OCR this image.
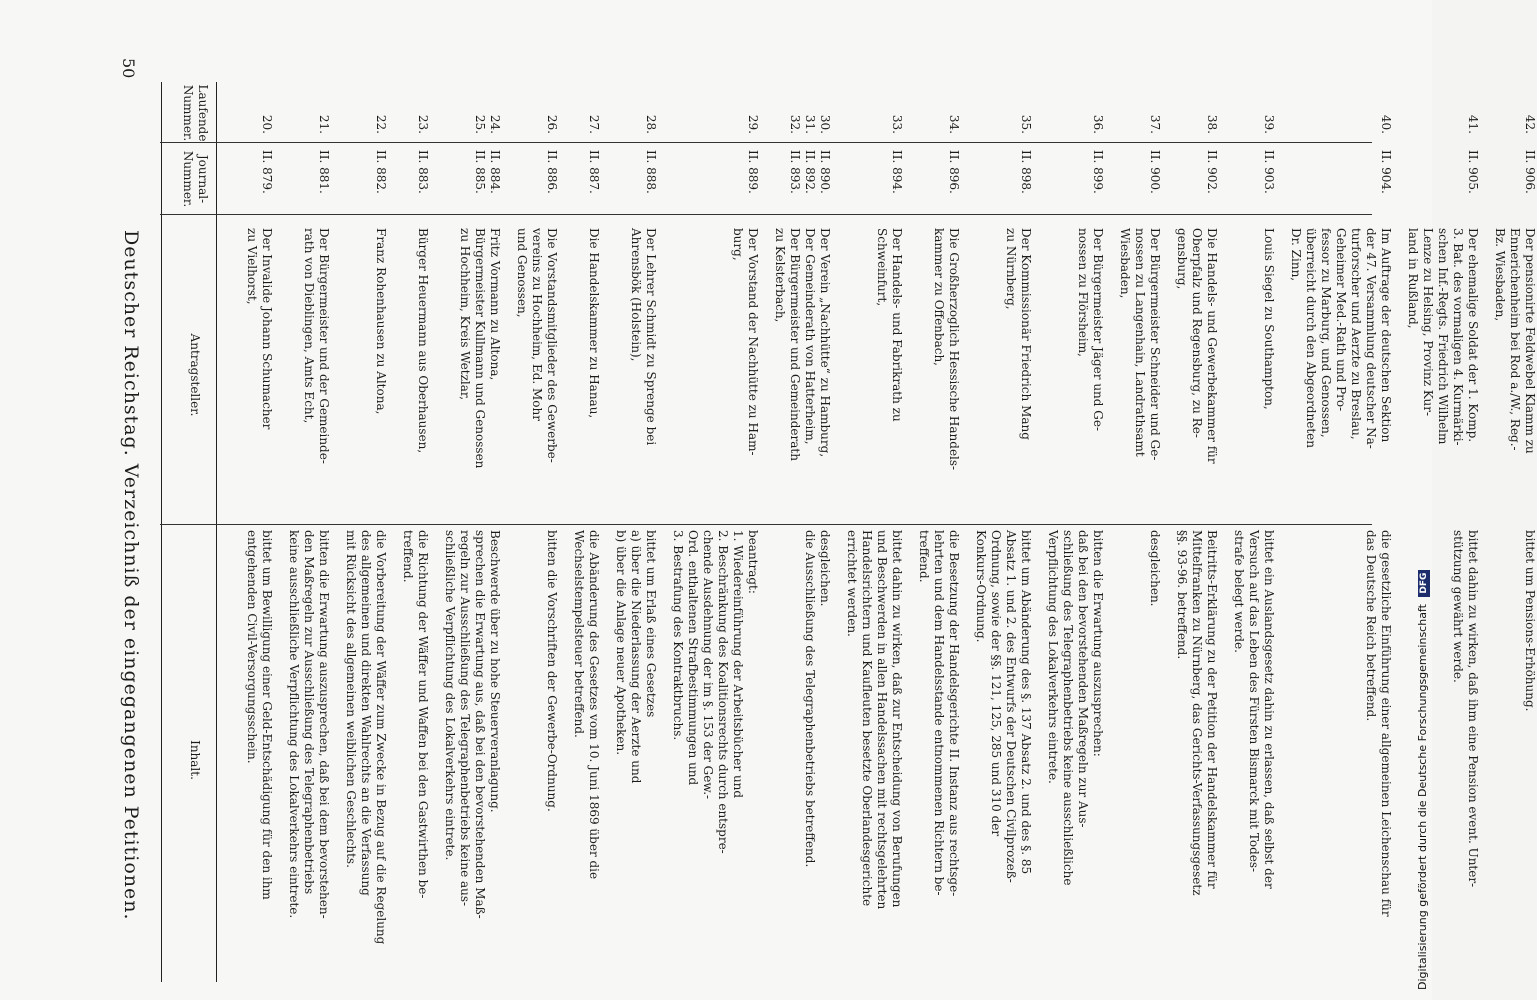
50
Deutscher Reichstag. Verzeichniß der eingegangenen Petitionen.
Laufende
Nummer.
Journal-
Nummer.
Antragsteller.
Inhalt.
20.
II. 879.
Der Invalide Johann Schumacher
zu Vielhorst,
bittet um Bewilligung einer Geld-Entschädigung für den ihm
entgehenden Civil-Versorgungsschein.
21.
II. 881.
Der Bürgermeister und der Gemeinde-
rath von Dieblingen, Amts Echt,
bitten die Erwartung auszusprechen, daß bei dem bevorstehen-
den Maßregeln zur Ausschließung des Telegraphenbetriebs
keine ausschließliche Verpflichtung des Lokalverkehrs eintrete.
22.
II. 882.
Franz Rohenhausen zu Altona,
die Vorbereitung der Wäffer zum Zwecke in Bezug auf die Regelung
des allgemeinen und direkten Wahlrechts an die Verfassung
mit Rücksicht des allgemeinen weiblichen Geschlechts.
23.
II. 883.
Bürger Heuermann aus Oberhausen,
die Richtung der Wäffer und Waffen bei den Gastwirthen be-
treffend.
24.
25.
II. 884.
II. 885.
Fritz Vormann zu Altona,
Bürgermeister Kullmann und Genossen
zu Hochheim, Kreis Wetzlar,
Beschwerde über zu hohe Steuerveranlagung.
sprechen die Erwartung aus, daß bei den bevorstehenden Maß-
regeln zur Ausschließung des Telegraphenbetriebs keine aus-
schließliche Verpflichtung des Lokalverkehrs eintrete.
26.
II. 886.
Die Vorstandsmitglieder des Gewerbe-
vereins zu Hochheim, Ed. Mohr
und Genossen,
bitten die Vorschriften der Gewerbe-Ordnung.
27.
II. 887.
Die Handelskammer zu Hanau,
die Abänderung des Gesetzes vom 10. Juni 1869 über die
Wechselstempelsteuer betreffend.
28.
II. 888.
Der Lehrer Schmidt zu Sprenge bei
Ahrensbök (Holstein),
bittet um Erlaß eines Gesetzes
a) über die Niederlassung der Aerzte und
b) über die Anlage neuer Apotheken.
29.
II. 889.
Der Vorstand der Nachhütte zu Ham-
burg,
beantragt:
1. Wiedereinführung der Arbeitsbücher und
2. Beschränkung des Koalitionsrechts durch entspre-
chende Ausdehnung der im §. 153 der Gew.-
Ord. enthaltenen Strafbestimmungen und
3. Bestrafung des Kontraktbruchs.
30.
31.
32.
II. 890.
II. 892.
II. 893.
Der Verein „Nachhütte“ zu Hamburg,
Der Gemeinderath von Hatterheim,
Der Bürgermeister und Gemeinderath
zu Kelsterbach,
desgleichen.
die Ausschließung des Telegraphenbetriebs betreffend.
33.
II. 894.
Der Handels- und Fabrikrath zu
Schweinfurt,
bittet dahin zu wirken, daß zur Entscheidung von Berufungen
und Beschwerden in allen Handelssachen mit rechtsgelehrten
Handelsrichtern und Kaufleuten besetzte Oberlandesgerichte
errichtet werden.
34.
II. 896.
Die Großherzoglich Hessische Handels-
kammer zu Offenbach,
die Besetzung der Handelsgerichte II. Instanz aus rechtsge-
lehrten und dem Handelsstande entnommenen Richtern be-
treffend.
35.
II. 898.
Der Kommissionär Friedrich Mang
zu Nürnberg,
bittet um Abänderung des §. 137 Absatz 2. und des §. 85
Absatz 1. und 2. des Entwurfs der Deutschen Civilprozeß-
Ordnung, sowie der §§. 121, 125, 285 und 310 der
Konkurs-Ordnung.
36.
II. 899.
Der Bürgermeister Jäger und Ge-
nossen zu Flörsheim,
bitten die Erwartung auszusprechen:
daß bei den bevorstehenden Maßregeln zur Aus-
schließung des Telegraphenbetriebs keine ausschließliche
Verpflichtung des Lokalverkehrs eintrete.
37.
II. 900.
Der Bürgermeister Schneider und Ge-
nossen zu Langenhain, Landrathsamt
Wiesbaden,
desgleichen.
38.
II. 902.
Die Handels- und Gewerbekammer für
Oberpfalz und Regensburg, zu Re-
gensburg,
Beitritts-Erklärung zu der Petition der Handelskammer für
Mittelfranken zu Nürnberg, das Gerichts-Verfassungsgesetz
§§. 93-96. betreffend.
39.
II. 903.
Louis Siegel zu Southampton,
bittet ein Auslandsgesetz dahin zu erlassen, daß selbst der
Versuch auf das Leben des Fürsten Bismarck mit Todes-
strafe belegt werde.
40.
II. 904.
Im Auftrage der deutschen Sektion
der 47. Versammlung deutscher Na-
turforscher und Aerzte zu Breslau,
Geheimer Med.-Rath und Pro-
fessor zu Marburg, und Genossen,
überreicht durch den Abgeordneten
Dr. Zinn,
die gesetzliche Einführung einer allgemeinen Leichenschau für
das Deutsche Reich betreffend.
41.
II. 905.
Der ehemalige Soldat der 1. Komp.
3. Bat. des vormaligen 4. Kurmärki-
schen Inf.-Regts. Friedrich Wilhelm
Lenze zu Helsing, Provinz Kur-
land in Rußland,
bittet dahin zu wirken, daß ihm eine Pension event. Unter-
stützung gewährt werde.
42.
II. 906.
Der pensionirte Feldwebel Klamm zu
Ennerichenheim bei Rod a./W., Reg.-
Bz. Wiesbaden,
bittet um Pensions-Erhöhung.
Digitalisierung gefördert durch die Deutsche Forschungsgemeinschaft DFG
